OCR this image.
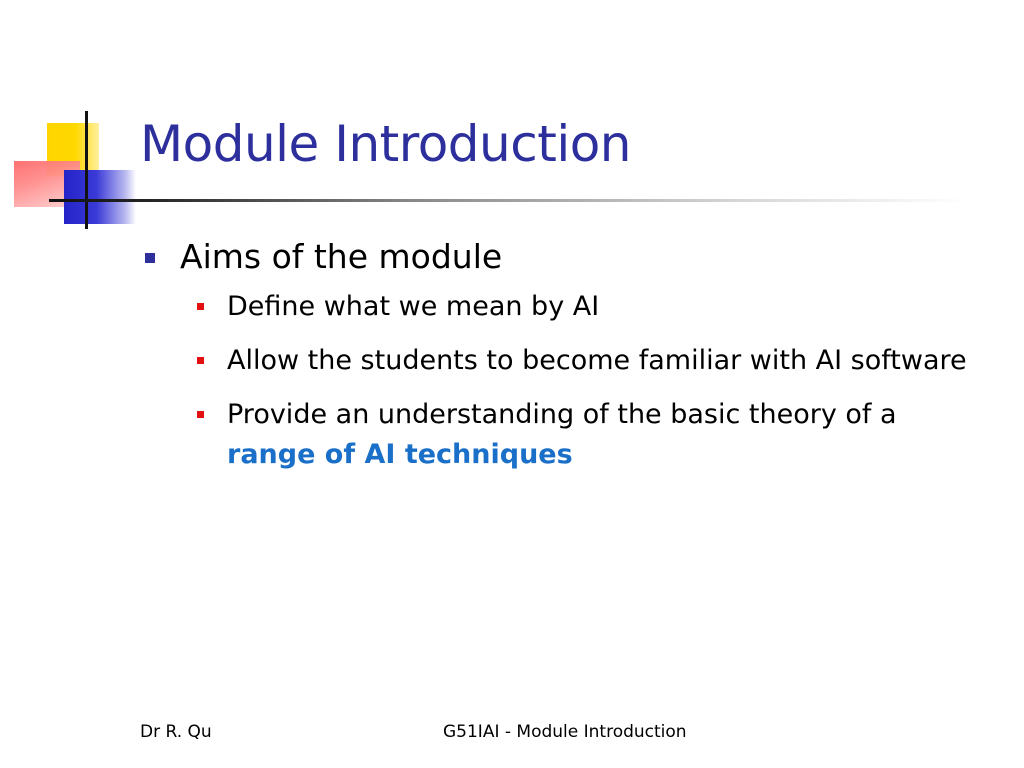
Module Introduction
Aims of the module
Define what we mean by AI
Allow the students to become familiar with AI software
Provide an understanding of the basic theory of a
range of AI techniques
Dr R. Qu	G51IAI - Module Introduction
